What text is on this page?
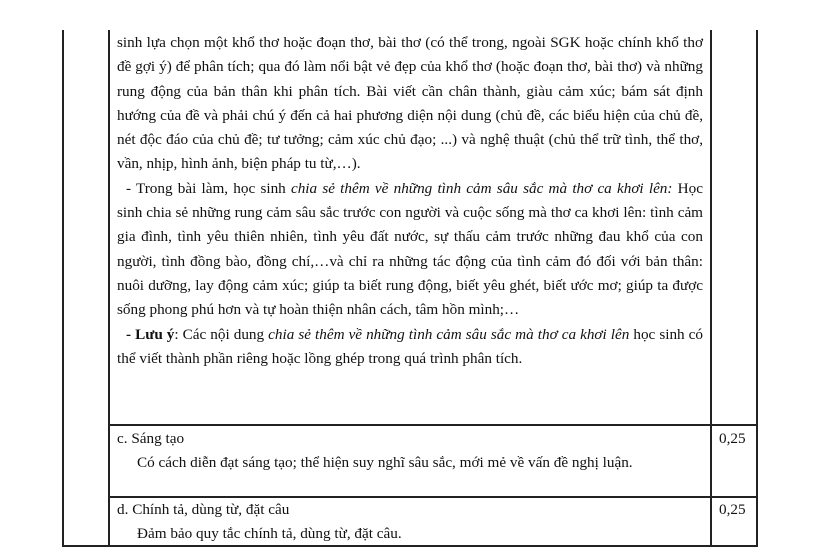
sinh lựa chọn một khổ thơ hoặc đoạn thơ, bài thơ (có thể trong, ngoài SGK hoặc chính khổ thơ đề gợi ý) để phân tích; qua đó làm nổi bật vẻ đẹp của khổ thơ (hoặc đoạn thơ, bài thơ) và những rung động của bản thân khi phân tích. Bài viết cần chân thành, giàu cảm xúc; bám sát định hướng của đề và phải chú ý đến cả hai phương diện nội dung (chủ đề, các biểu hiện của chủ đề, nét độc đáo của chủ đề; tư tưởng; cảm xúc chủ đạo; ...) và nghệ thuật (chủ thể trữ tình, thể thơ, vần, nhịp, hình ảnh, biện pháp tu từ,…).

- Trong bài làm, học sinh chia sẻ thêm về những tình cảm sâu sắc mà thơ ca khơi lên: Học sinh chia sẻ những rung cảm sâu sắc trước con người và cuộc sống mà thơ ca khơi lên: tình cảm gia đình, tình yêu thiên nhiên, tình yêu đất nước, sự thấu cảm trước những đau khổ của con người, tình đồng bào, đồng chí,…và chỉ ra những tác động của tình cảm đó đối với bản thân: nuôi dưỡng, lay động cảm xúc; giúp ta biết rung động, biết yêu ghét, biết ước mơ; giúp ta được sống phong phú hơn và tự hoàn thiện nhân cách, tâm hồn mình;…

- Lưu ý: Các nội dung chia sẻ thêm về những tình cảm sâu sắc mà thơ ca khơi lên học sinh có thể viết thành phần riêng hoặc lồng ghép trong quá trình phân tích.

c. Sáng tạo

Có cách diễn đạt sáng tạo; thể hiện suy nghĩ sâu sắc, mới mẻ về vấn đề nghị luận.

0,25

d. Chính tả, dùng từ, đặt câu

Đảm bảo quy tắc chính tả, dùng từ, đặt câu.

0,25
